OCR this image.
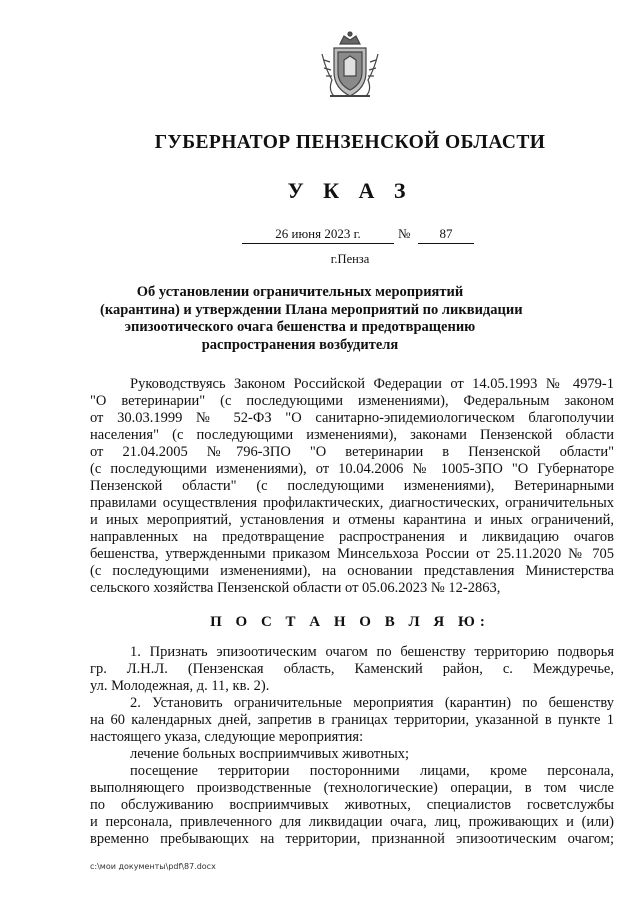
ГУБЕРНАТОР ПЕНЗЕНСКОЙ ОБЛАСТИ
У К А З
26 июня 2023 г.	№	87
г.Пенза
Об установлении ограничительных мероприятий
(карантина) и утверждении Плана мероприятий по ликвидации
эпизоотического очага бешенства и предотвращению
распространения возбудителя
Руководствуясь Законом Российской Федерации от 14.05.1993 № 4979-1
"О ветеринарии" (с последующими изменениями), Федеральным законом
от 30.03.1999 № 52-ФЗ "О санитарно-эпидемиологическом благополучии
населения" (с последующими изменениями), законами Пензенской области
от 21.04.2005 №796-ЗПО "О ветеринарии в Пензенской области"
(с последующими изменениями), от 10.04.2006 № 1005-ЗПО "О Губернаторе
Пензенской области" (с последующими изменениями), Ветеринарными
правилами осуществления профилактических, диагностических, ограничительных
и иных мероприятий, установления и отмены карантина и иных ограничений,
направленных на предотвращение распространения и ликвидацию очагов
бешенства, утвержденными приказом Минсельхоза России от 25.11.2020 № 705
(с последующими изменениями), на основании представления Министерства
сельского хозяйства Пензенской области от 05.06.2023 № 12-2863,
П О С Т А Н О В Л Я Ю:
1. Признать эпизоотическим очагом по бешенству территорию подворья
гр. Л.Н.Л. (Пензенская область, Каменский район, с. Междуречье,
ул. Молодежная, д. 11, кв. 2).
2. Установить ограничительные мероприятия (карантин) по бешенству
на 60 календарных дней, запретив в границах территории, указанной в пункте 1
настоящего указа, следующие мероприятия:
лечение больных восприимчивых животных;
посещение территории посторонними лицами, кроме персонала,
выполняющего производственные (технологические) операции, в том числе
по обслуживанию восприимчивых животных, специалистов госветслужбы
и персонала, привлеченного для ликвидации очага, лиц, проживающих и (или)
временно пребывающих на территории, признанной эпизоотическим очагом;
c:\мои документы\pdf\87.docx
